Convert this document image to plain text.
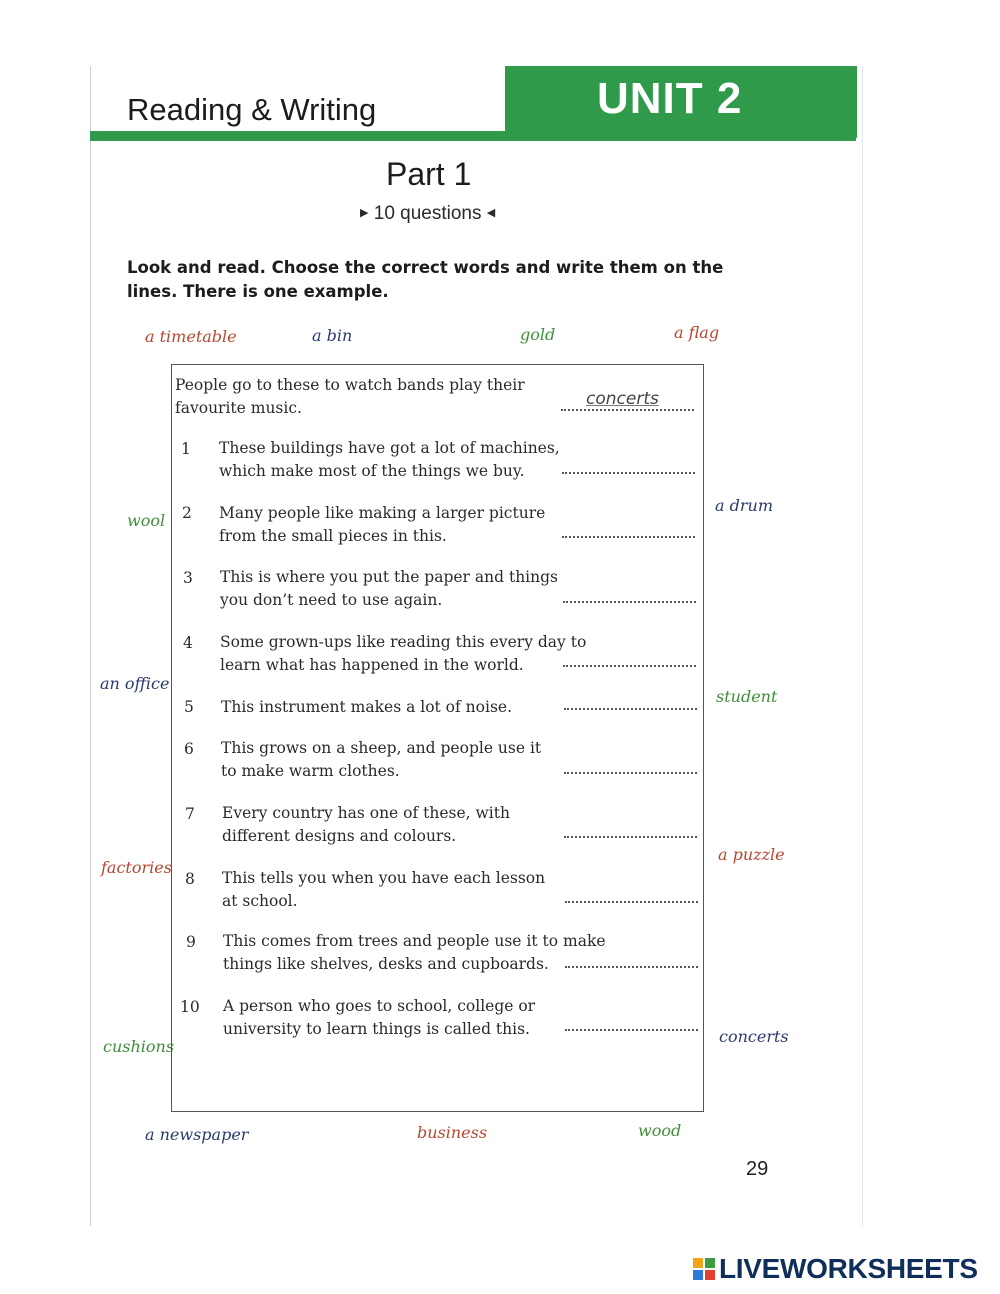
UNIT 2
Reading & Writing
Part 1
▶ 10 questions ◀
Look and read. Choose the correct words and write them on the
lines. There is one example.
a timetable	a bin	gold	a flag
wool
a drum
an office
student
factories
a puzzle
cushions
concerts
a newspaper	business	wood
People go to these to watch bands play their
favourite music.	concerts
1 These buildings have got a lot of machines,
which make most of the things we buy.
2 Many people like making a larger picture
from the small pieces in this.
3 This is where you put the paper and things
you don’t need to use again.
4 Some grown-ups like reading this every day to
learn what has happened in the world.
5 This instrument makes a lot of noise.
6 This grows on a sheep, and people use it
to make warm clothes.
7 Every country has one of these, with
different designs and colours.
8 This tells you when you have each lesson
at school.
9 This comes from trees and people use it to make
things like shelves, desks and cupboards.
10 A person who goes to school, college or
university to learn things is called this.
29
LIVEWORKSHEETS
